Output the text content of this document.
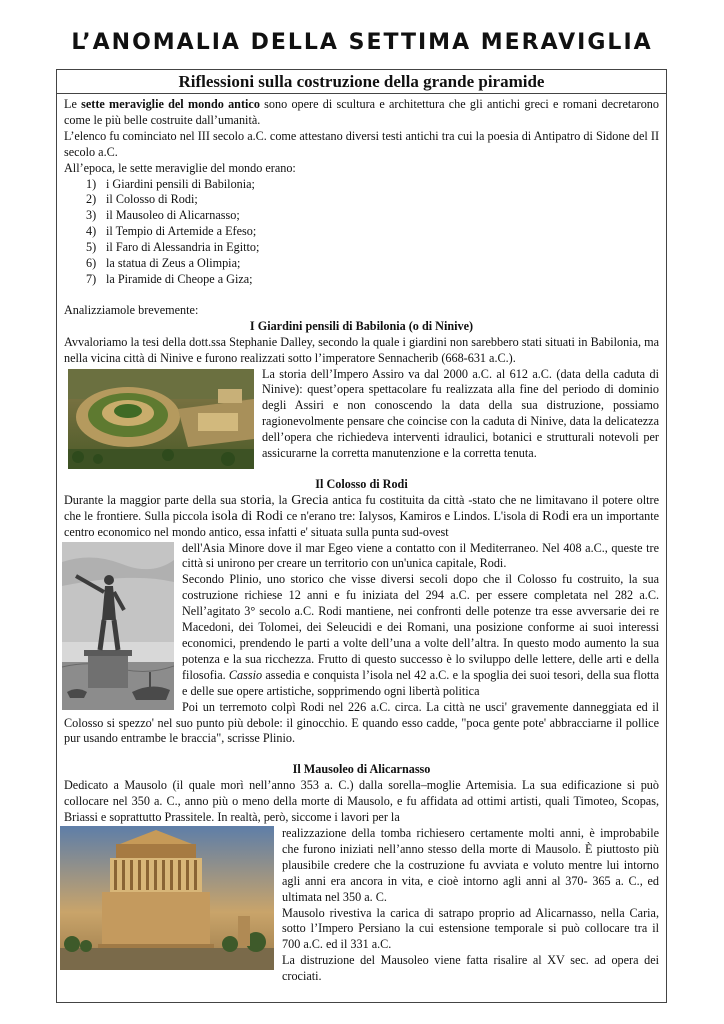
L’ANOMALIA DELLA SETTIMA MERAVIGLIA
Riflessioni sulla costruzione della grande piramide

Le sette meraviglie del mondo antico sono opere di scultura e architettura che gli antichi greci e romani decretarono come le più belle costruite dall’umanità.

L’elenco fu cominciato nel III secolo a.C. come attestano diversi testi antichi tra cui la poesia di Antipatro di Sidone del II secolo a.C.

All’epoca, le sette meraviglie del mondo erano:

1) i Giardini pensili di Babilonia;
2) il Colosso di Rodi;
3) il Mausoleo di Alicarnasso;
4) il Tempio di Artemide a Efeso;
5) il Faro di Alessandria in Egitto;
6) la statua di Zeus a Olimpia;
7) la Piramide di Cheope a Giza;

Analizziamole brevemente:

I Giardini pensili di Babilonia (o di Ninive)

Avvaloriamo la tesi della dott.ssa Stephanie Dalley, secondo la quale i giardini non sarebbero stati situati in Babilonia, ma nella vicina città di Ninive e furono realizzati sotto l’imperatore Sennacherib (668-631 a.C.).

La storia dell’Impero Assiro va dal 2000 a.C. al 612 a.C. (data della caduta di Ninive): quest’opera spettacolare fu realizzata alla fine del periodo di dominio degli Assiri e non conoscendo la data della sua distruzione, possiamo ragionevolmente pensare che coincise con la caduta di Ninive, data la delicatezza dell’opera che richiedeva interventi idraulici, botanici e strutturali notevoli per assicurarne la corretta manutenzione e la corretta tenuta.

Il Colosso di Rodi

Durante la maggior parte della sua storia, la Grecia antica fu costituita da città -stato che ne limitavano il potere oltre che le frontiere. Sulla piccola isola di Rodi ce n'erano tre: Ialysos, Kamiros e Lindos. L'isola di Rodi era un importante centro economico nel mondo antico, essa infatti e' situata sulla punta sud-ovest

dell'Asia Minore dove il mar Egeo viene a contatto con il Mediterraneo. Nel 408 a.C., queste tre città si unirono per creare un territorio con un'unica capitale, Rodi.

Secondo Plinio, uno storico che visse diversi secoli dopo che il Colosso fu costruito, la sua costruzione richiese 12 anni e fu iniziata del 294 a.C. per essere completata nel 282 a.C. Nell’agitato 3° secolo a.C. Rodi mantiene, nei confronti delle potenze tra esse avversarie dei re Macedoni, dei Tolomei, dei Seleucidi e dei Romani, una posizione conforme ai suoi interessi economici, prendendo le parti a volte dell’una a volte dell’altra. In questo modo aumento la sua potenza e la sua ricchezza. Frutto di questo successo è lo sviluppo delle lettere, delle arti e della filosofia. Cassio assedia e conquista l’isola nel 42 a.C. e la spoglia dei suoi tesori, della sua flotta e delle sue opere artistiche, sopprimendo ogni libertà politica

Poi un terremoto colpì Rodi nel 226 a.C. circa. La città ne usci' gravemente danneggiata ed il Colosso si spezzo' nel suo punto più debole: il ginocchio. E quando esso cadde, "poca gente pote' abbracciarne il pollice pur usando entrambe le braccia", scrisse Plinio.

Il Mausoleo di Alicarnasso

Dedicato a Mausolo (il quale morì nell’anno 353 a. C.) dalla sorella–moglie Artemisia. La sua edificazione si può collocare nel 350 a. C., anno più o meno della morte di Mausolo, e fu affidata ad ottimi artisti, quali Timoteo, Scopas, Briassi e soprattutto Prassitele. In realtà, però, siccome i lavori per la

realizzazione della tomba richiesero certamente molti anni, è improbabile che furono iniziati nell’anno stesso della morte di Mausolo. È piuttosto più plausibile credere che la costruzione fu avviata e voluto mentre lui intorno agli anni era ancora in vita, e cioè intorno agli anni al 370- 365 a. C., ed ultimata nel 350 a. C.

Mausolo rivestiva la carica di satrapo proprio ad Alicarnasso, nella Caria, sotto l’Impero Persiano la cui estensione temporale si può collocare tra il 700 a.C. ed il 331 a.C.

La distruzione del Mausoleo viene fatta risalire al XV sec. ad opera dei crociati.
